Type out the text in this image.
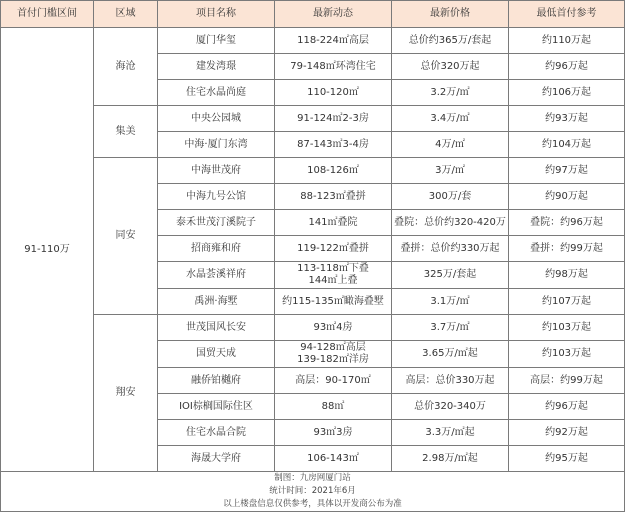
首付门槛区间	区域	项目名称	最新动态	最新价格	最低首付参考
91-110万	海沧	厦门华玺	118-224㎡高层	总价约365万/套起	约110万起
		建发湾璟	79-148㎡环湾住宅	总价320万起	约96万起
		住宅水晶尚庭	110-120㎡	3.2万/㎡	约106万起
	集美	中央公园城	91-124㎡2-3房	3.4万/㎡	约93万起
		中海·厦门东湾	87-143㎡3-4房	4万/㎡	约104万起
	同安	中海世茂府	108-126㎡	3万/㎡	约97万起
		中海九号公馆	88-123㎡叠拼	300万/套	约90万起
		泰禾世茂汀溪院子	141㎡叠院	叠院：总价约320-420万	叠院：约96万起
		招商雍和府	119-122㎡叠拼	叠拼：总价约330万起	叠拼：约99万起
		水晶荟溪祥府	113-118㎡下叠
144㎡上叠	325万/套起	约98万起
		禹洲·海墅	约115-135㎡瞰海叠墅	3.1万/㎡	约107万起
	翔安	世茂国风长安	93㎡4房	3.7万/㎡	约103万起
		国贸天成	94-128㎡高层
139-182㎡洋房	3.65万/㎡起	约103万起
		融侨铂樾府	高层：90-170㎡	高层：总价330万起	高层：约99万起
		IOI棕榈国际住区	88㎡	总价320-340万	约96万起
		住宅水晶合院	93㎡3房	3.3万/㎡起	约92万起
		海晟大学府	106-143㎡	2.98万/㎡起	约95万起

制图：九房网厦门站
统计时间：2021年6月
以上楼盘信息仅供参考，具体以开发商公布为准					
